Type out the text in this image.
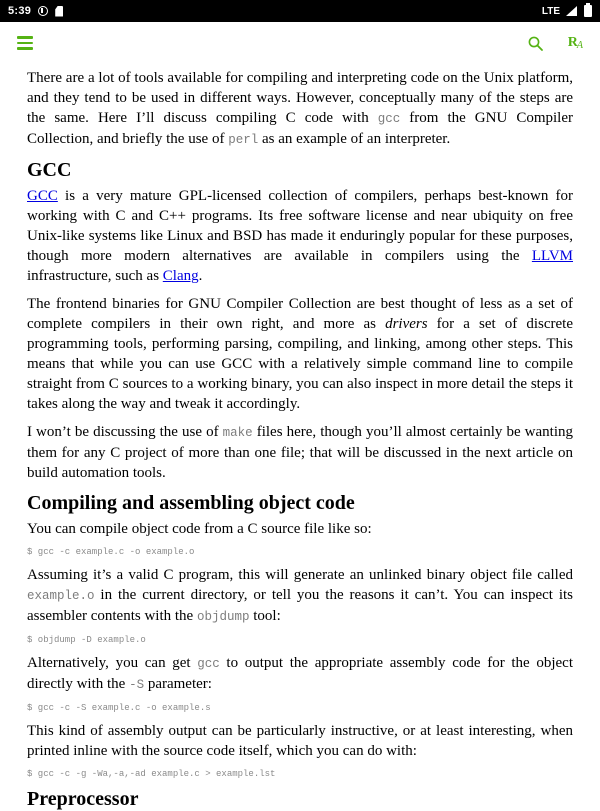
5:39	LTE
R A

There are a lot of tools available for compiling and interpreting code on the Unix platform, and they tend to be used in different ways. However, conceptually many of the steps are the same. Here I’ll discuss compiling C code with gcc from the GNU Compiler Collection, and briefly the use of perl as an example of an interpreter.

GCC

GCC is a very mature GPL-licensed collection of compilers, perhaps best-known for working with C and C++ programs. Its free software license and near ubiquity on free Unix-like systems like Linux and BSD has made it enduringly popular for these purposes, though more modern alternatives are available in compilers using the LLVM infrastructure, such as Clang.

The frontend binaries for GNU Compiler Collection are best thought of less as a set of complete compilers in their own right, and more as drivers for a set of discrete programming tools, performing parsing, compiling, and linking, among other steps. This means that while you can use GCC with a relatively simple command line to compile straight from C sources to a working binary, you can also inspect in more detail the steps it takes along the way and tweak it accordingly.

I won’t be discussing the use of make files here, though you’ll almost certainly be wanting them for any C project of more than one file; that will be discussed in the next article on build automation tools.

Compiling and assembling object code

You can compile object code from a C source file like so:

$ gcc -c example.c -o example.o

Assuming it’s a valid C program, this will generate an unlinked binary object file called example.o in the current directory, or tell you the reasons it can’t. You can inspect its assembler contents with the objdump tool:

$ objdump -D example.o

Alternatively, you can get gcc to output the appropriate assembly code for the object directly with the -S parameter:

$ gcc -c -S example.c -o example.s

This kind of assembly output can be particularly instructive, or at least interesting, when printed inline with the source code itself, which you can do with:

$ gcc -c -g -Wa,-a,-ad example.c > example.lst
Preprocessor
